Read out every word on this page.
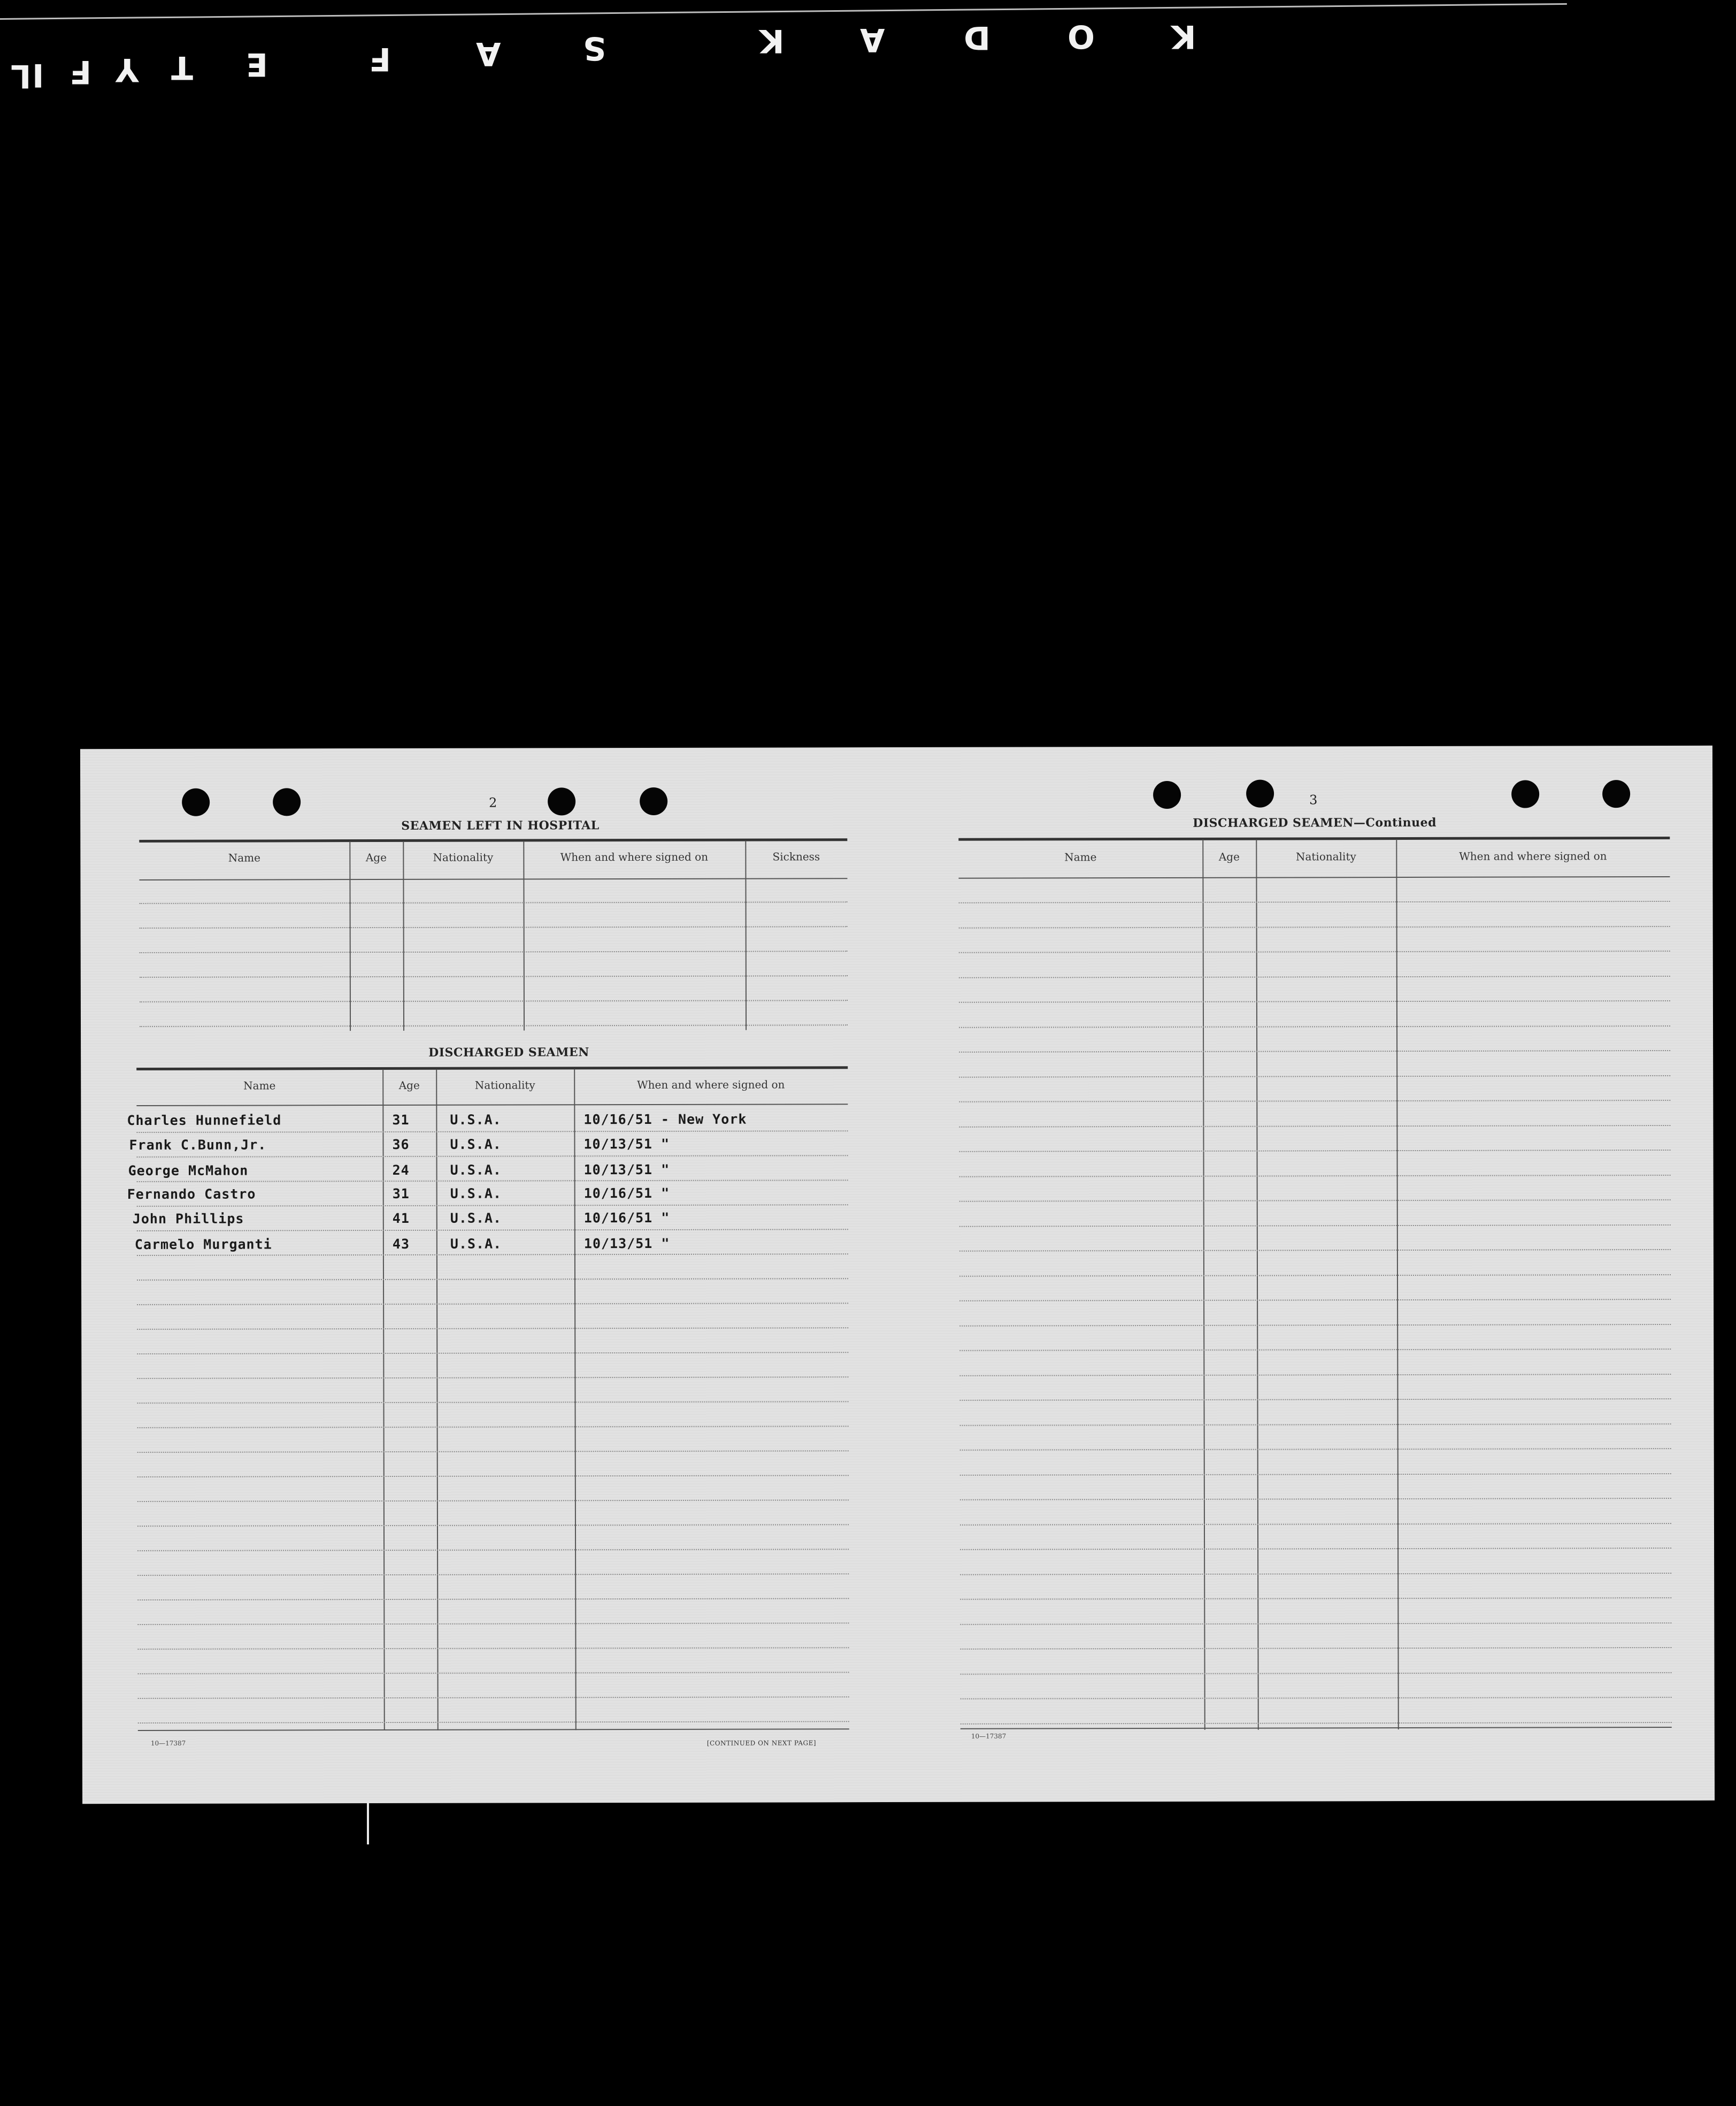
K
O
D
A
K
S
A
F
E
T
Y
F
I
L
2
SEAMEN LEFT IN HOSPITAL
Name	Age	Nationality	When and where signed on	Sickness
DISCHARGED SEAMEN
Name	Age	Nationality	When and where signed on
Charles Hunnefield	31	U.S.A.	10/16/51 - New York
Frank C.Bunn,Jr.	36	U.S.A.	10/13/51 "
George McMahon	24	U.S.A.	10/13/51 "
Fernando Castro	31	U.S.A.	10/16/51 "
John Phillips	41	U.S.A.	10/16/51 "
Carmelo Murganti	43	U.S.A.	10/13/51 "
10—17387	[CONTINUED ON NEXT PAGE]
3
DISCHARGED SEAMEN—Continued
Name	Age	Nationality	When and where signed on
10—17387
